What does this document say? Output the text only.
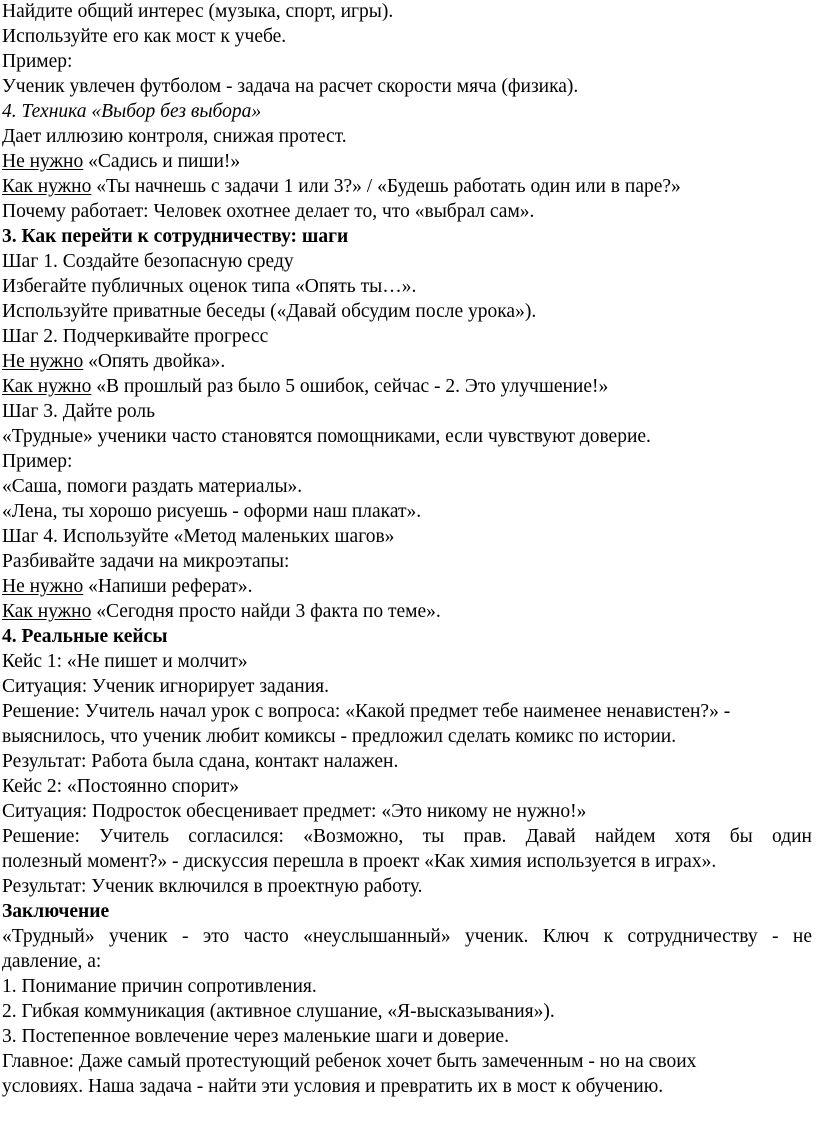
Найдите общий интерес (музыка, спорт, игры).
Используйте его как мост к учебе.
Пример:
Ученик увлечен футболом - задача на расчет скорости мяча (физика).
4. Техника «Выбор без выбора»
Дает иллюзию контроля, снижая протест.
Не нужно «Садись и пиши!»
Как нужно «Ты начнешь с задачи 1 или 3?» / «Будешь работать один или в паре?»
Почему работает: Человек охотнее делает то, что «выбрал сам».
3. Как перейти к сотрудничеству: шаги
Шаг 1. Создайте безопасную среду
Избегайте публичных оценок типа «Опять ты…».
Используйте приватные беседы («Давай обсудим после урока»).
Шаг 2. Подчеркивайте прогресс
Не нужно «Опять двойка».
Как нужно «В прошлый раз было 5 ошибок, сейчас - 2. Это улучшение!»
Шаг 3. Дайте роль
«Трудные» ученики часто становятся помощниками, если чувствуют доверие.
Пример:
«Саша, помоги раздать материалы».
«Лена, ты хорошо рисуешь - оформи наш плакат».
Шаг 4. Используйте «Метод маленьких шагов»
Разбивайте задачи на микроэтапы:
Не нужно «Напиши реферат».
Как нужно «Сегодня просто найди 3 факта по теме».
4. Реальные кейсы
Кейс 1: «Не пишет и молчит»
Ситуация: Ученик игнорирует задания.
Решение: Учитель начал урок с вопроса: «Какой предмет тебе наименее ненавистен?» -
выяснилось, что ученик любит комиксы - предложил сделать комикс по истории.
Результат: Работа была сдана, контакт налажен.
Кейс 2: «Постоянно спорит»
Ситуация: Подросток обесценивает предмет: «Это никому не нужно!»
Решение: Учитель согласился: «Возможно, ты прав. Давай найдем хотя бы один
полезный момент?» - дискуссия перешла в проект «Как химия используется в играх».
Результат: Ученик включился в проектную работу.
Заключение
«Трудный» ученик - это часто «неуслышанный» ученик. Ключ к сотрудничеству - не
давление, а:
1. Понимание причин сопротивления.
2. Гибкая коммуникация (активное слушание, «Я-высказывания»).
3. Постепенное вовлечение через маленькие шаги и доверие.
Главное: Даже самый протестующий ребенок хочет быть замеченным - но на своих
условиях. Наша задача - найти эти условия и превратить их в мост к обучению.
